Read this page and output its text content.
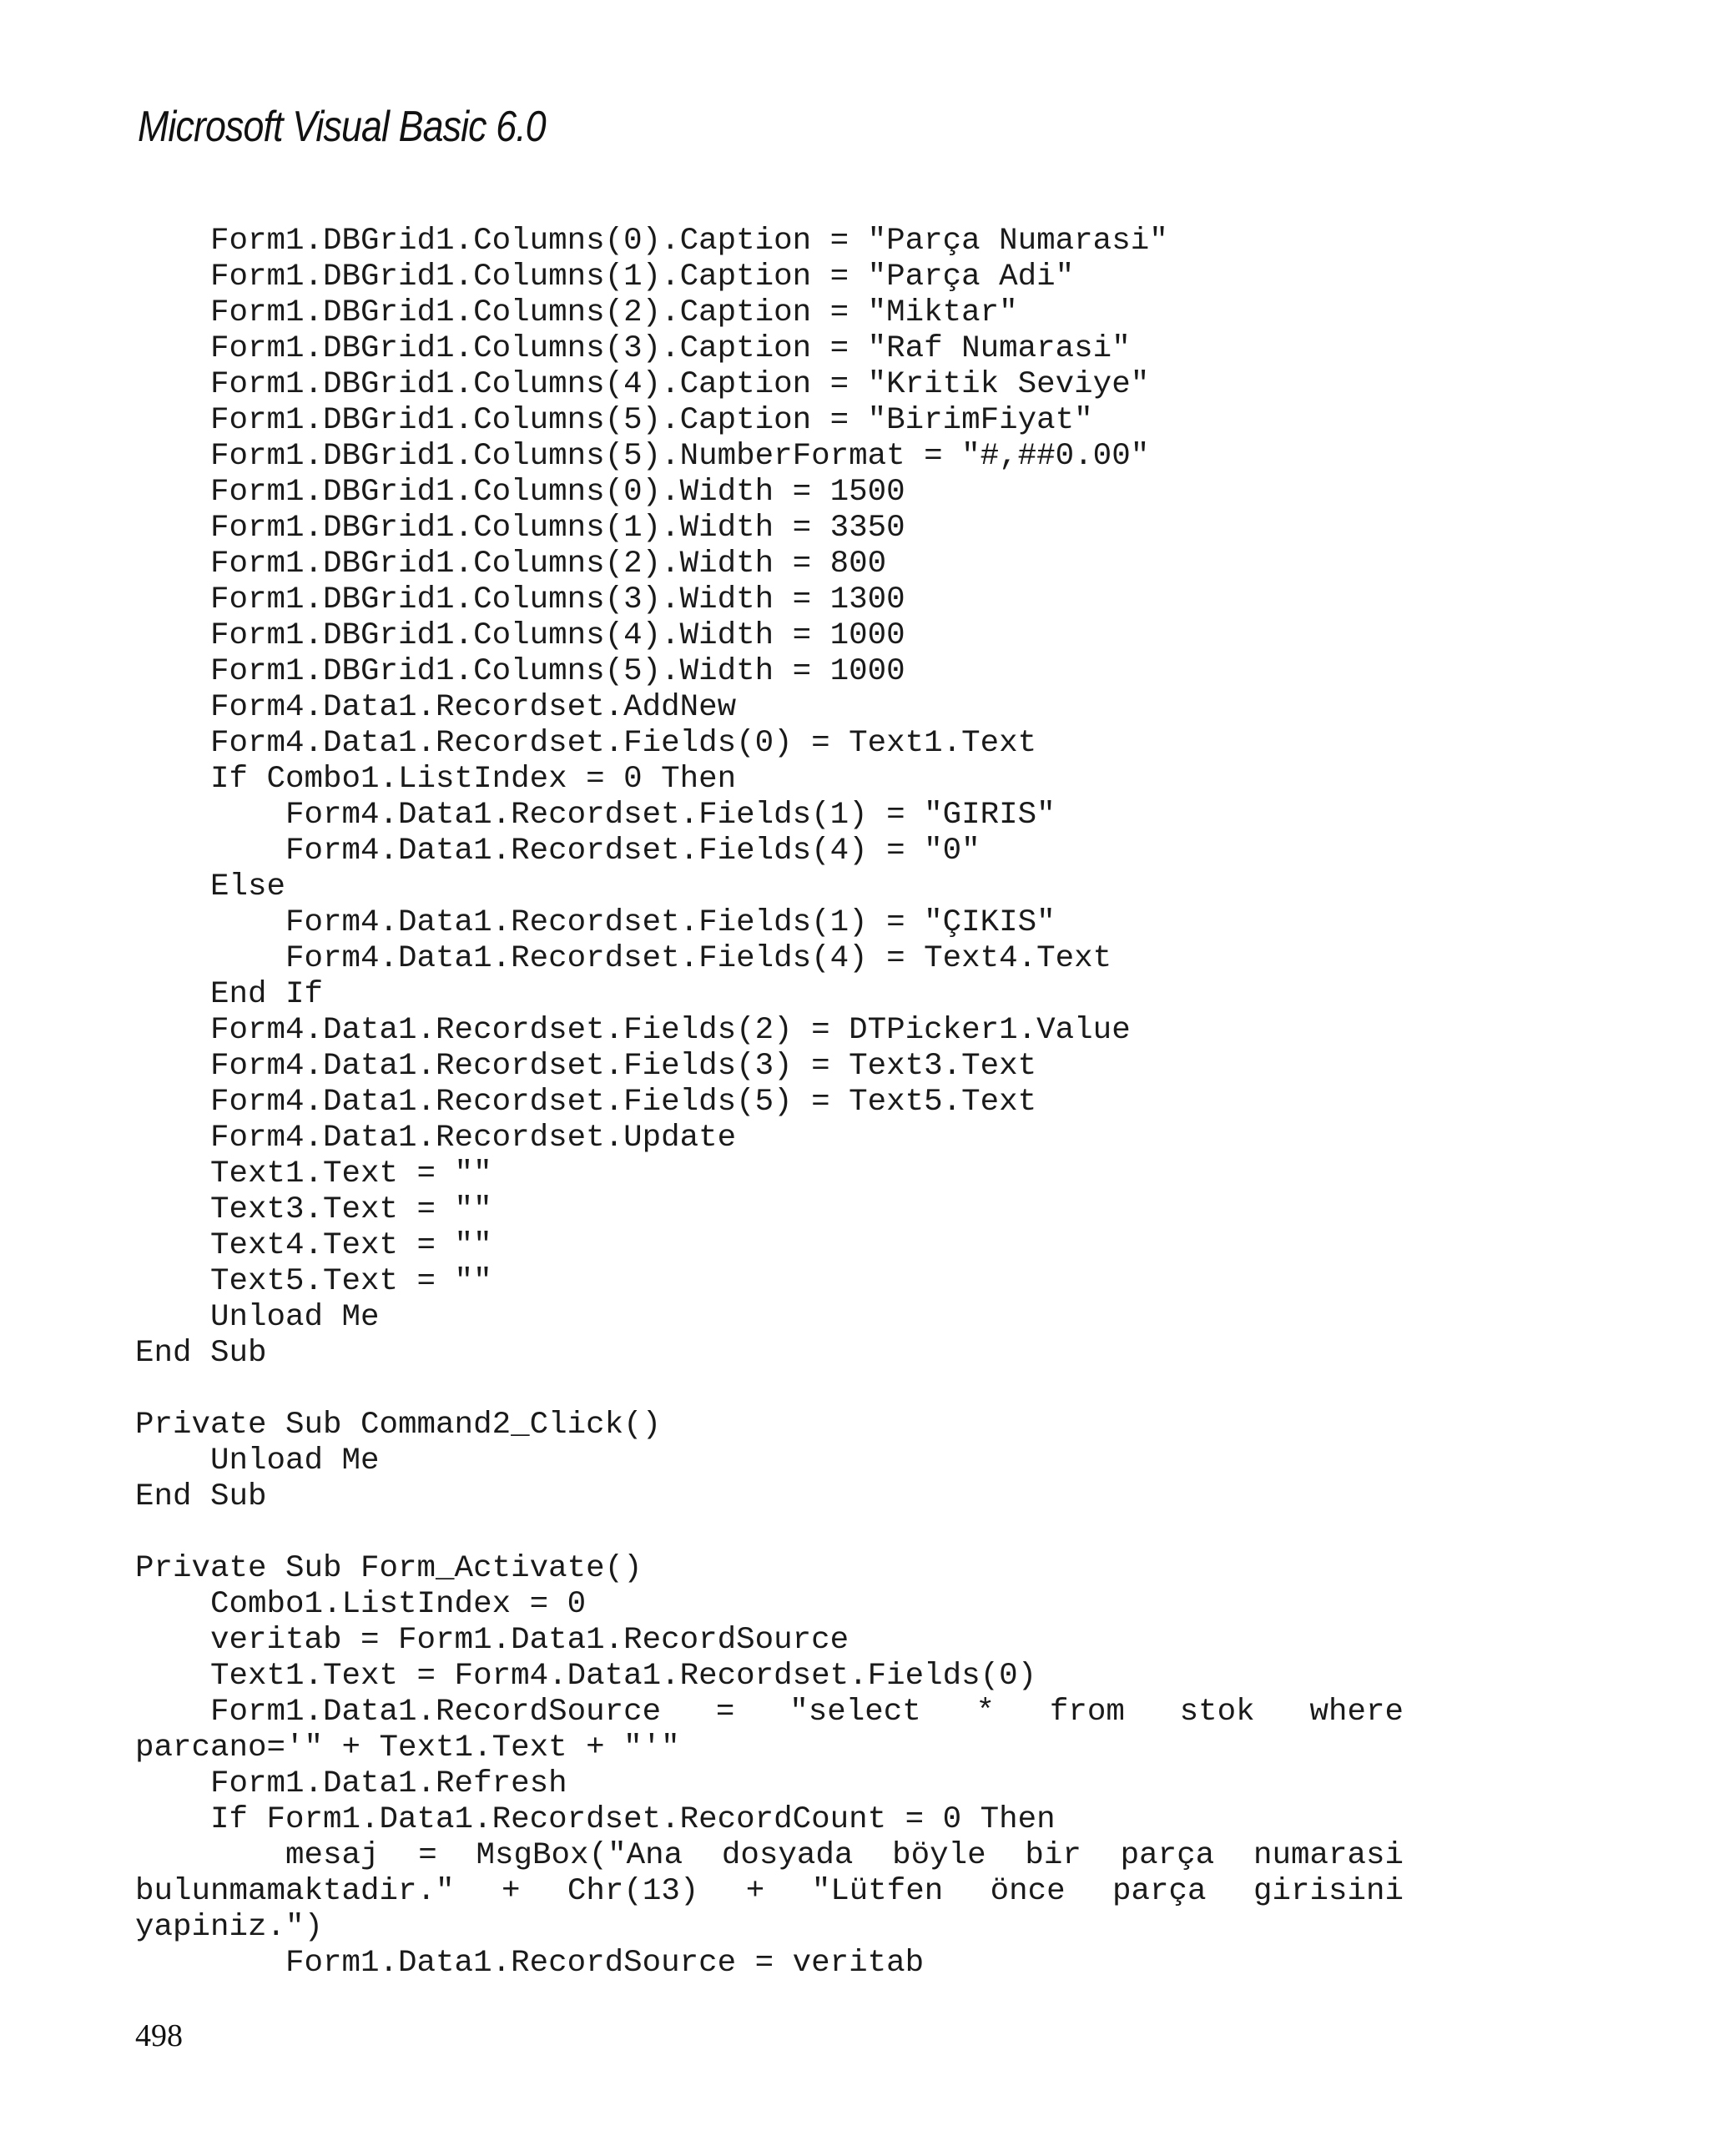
Microsoft Visual Basic 6.0
Form1.DBGrid1.Columns(0).Caption = "Parça Numarasi"
Form1.DBGrid1.Columns(1).Caption = "Parça Adi"
Form1.DBGrid1.Columns(2).Caption = "Miktar"
Form1.DBGrid1.Columns(3).Caption = "Raf Numarasi"
Form1.DBGrid1.Columns(4).Caption = "Kritik Seviye"
Form1.DBGrid1.Columns(5).Caption = "BirimFiyat"
Form1.DBGrid1.Columns(5).NumberFormat = "#,##0.00"
Form1.DBGrid1.Columns(0).Width = 1500
Form1.DBGrid1.Columns(1).Width = 3350
Form1.DBGrid1.Columns(2).Width = 800
Form1.DBGrid1.Columns(3).Width = 1300
Form1.DBGrid1.Columns(4).Width = 1000
Form1.DBGrid1.Columns(5).Width = 1000
Form4.Data1.Recordset.AddNew
Form4.Data1.Recordset.Fields(0) = Text1.Text
If Combo1.ListIndex = 0 Then
Form4.Data1.Recordset.Fields(1) = "GIRIS"
Form4.Data1.Recordset.Fields(4) = "0"
Else
Form4.Data1.Recordset.Fields(1) = "ÇIKIS"
Form4.Data1.Recordset.Fields(4) = Text4.Text
End If
Form4.Data1.Recordset.Fields(2) = DTPicker1.Value
Form4.Data1.Recordset.Fields(3) = Text3.Text
Form4.Data1.Recordset.Fields(5) = Text5.Text
Form4.Data1.Recordset.Update
Text1.Text = ""
Text3.Text = ""
Text4.Text = ""
Text5.Text = ""
Unload Me
End Sub
Private Sub Command2_Click()
Unload Me
End Sub
Private Sub Form_Activate()
Combo1.ListIndex = 0
veritab = Form1.Data1.RecordSource
Text1.Text = Form4.Data1.Recordset.Fields(0)
Form1.Data1.RecordSource = "select * from stok where
parcano='" + Text1.Text + "'"
Form1.Data1.Refresh
If Form1.Data1.Recordset.RecordCount = 0 Then
mesaj = MsgBox("Ana dosyada böyle bir parça numarasi
bulunmamaktadir." + Chr(13) + "Lütfen önce parça girisini
yapiniz.")
Form1.Data1.RecordSource = veritab
498
